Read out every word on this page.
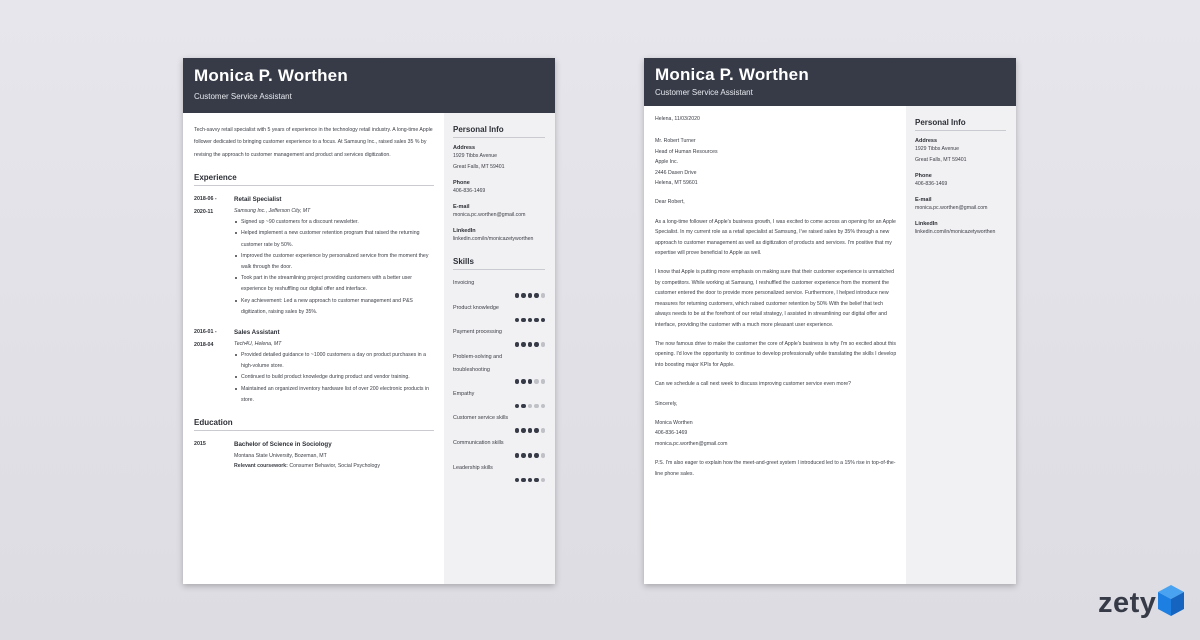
Monica P. Worthen
Customer Service Assistant
Tech-savvy retail specialist with 5 years of experience in the technology retail industry. A long-time Apple follower dedicated to bringing customer experience to a focus. At Samsung Inc., raised sales 35 % by revising the approach to customer management and product and services digitization.
Experience
2018-06 -
2020-11
Retail Specialist
Samsung Inc., Jefferson City, MT
Signed up ~90 customers for a discount newsletter.
Helped implement a new customer retention program that raised the returning customer rate by 50%.
Improved the customer experience by personalized service from the moment they walk through the door.
Took part in the streamlining project providing customers with a better user experience by reshuffling our digital offer and interface.
Key achievement: Led a new approach to customer management and P&S digitization, raising sales by 35%.
2016-01 -
2018-04
Sales Assistant
Tech4U, Helena, MT
Provided detailed guidance to ~1000 customers a day on product purchases in a high-volume store.
Continued to build product knowledge during product and vendor training.
Maintained an organized inventory hardware list of over 200 electronic products in store.
Education
2015	Bachelor of Science in Sociology
Montana State University, Bozeman, MT
Relevant coursework: Consumer Behavior, Social Psychology
Personal Info
Address
1929 Tibbs Avenue
Great Falls, MT 59401
Phone
406-836-1469
E-mail
monica.pc.worthen@gmail.com
LinkedIn
linkedin.com/in/monicazetyworthen
Skills
Invoicing
Product knowledge
Payment processing
Problem-solving and troubleshooting
Empathy
Customer service skills
Communication skills
Leadership skills
Monica P. Worthen
Customer Service Assistant
Helena, 11/03/2020
Mr. Robert Turner
Head of Human Resources
Apple Inc.
2446 Dasen Drive
Helena, MT 59601
Dear Robert,
As a long-time follower of Apple's business growth, I was excited to come across an opening for an Apple Specialist. In my current role as a retail specialist at Samsung, I've raised sales by 35% through a new approach to customer management as well as digitization of products and services. I'm positive that my expertise will prove beneficial to Apple as well.
I know that Apple is putting more emphasis on making sure that their customer experience is unmatched by competitors. While working at Samsung, I reshuffled the customer experience from the moment the customer entered the door to provide more personalized service. Furthermore, I helped introduce new measures for returning customers, which raised customer retention by 50% With the belief that tech always needs to be at the forefront of our retail strategy, I assisted in streamlining our digital offer and interface, providing the customer with a much more pleasant user experience.
The now famous drive to make the customer the core of Apple's business is why I'm so excited about this opening. I'd love the opportunity to continue to develop professionally while translating the skills I develop into boosting major KPIs for Apple.
Can we schedule a call next week to discuss improving customer service even more?
Sincerely,
Monica Worthen
406-836-1469
monica.pc.worthen@gmail.com
P.S. I'm also eager to explain how the meet-and-greet system I introduced led to a 15% rise in top-of-the-line phone sales.
Personal Info
Address
1929 Tibbs Avenue
Great Falls, MT 59401
Phone
406-836-1469
E-mail
monica.pc.worthen@gmail.com
LinkedIn
linkedin.com/in/monicazetyworthen
zety
